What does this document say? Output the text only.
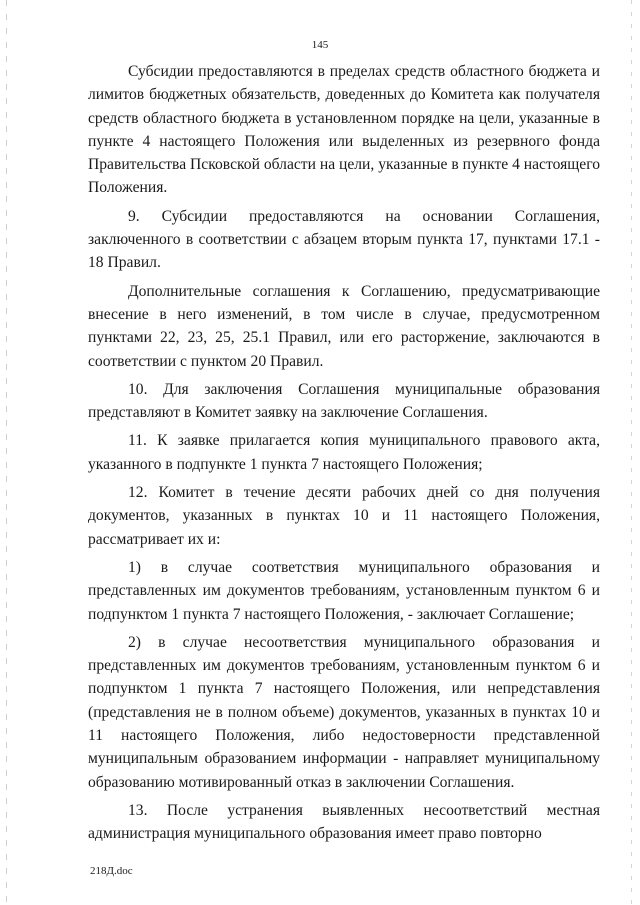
145

Субсидии предоставляются в пределах средств областного бюджета и лимитов бюджетных обязательств, доведенных до Комитета как получателя средств областного бюджета в установленном порядке на цели, указанные в пункте 4 настоящего Положения или выделенных из резервного фонда Правительства Псковской области на цели, указанные в пункте 4 настоящего Положения.

9. Субсидии предоставляются на основании Соглашения, заключенного в соответствии с абзацем вторым пункта 17, пунктами 17.1 - 18 Правил.

Дополнительные соглашения к Соглашению, предусматривающие внесение в него изменений, в том числе в случае, предусмотренном пунктами 22, 23, 25, 25.1 Правил, или его расторжение, заключаются в соответствии с пунктом 20 Правил.

10. Для заключения Соглашения муниципальные образования представляют в Комитет заявку на заключение Соглашения.

11. К заявке прилагается копия муниципального правового акта, указанного в подпункте 1 пункта 7 настоящего Положения;

12. Комитет в течение десяти рабочих дней со дня получения документов, указанных в пунктах 10 и 11 настоящего Положения, рассматривает их и:

1) в случае соответствия муниципального образования и представленных им документов требованиям, установленным пунктом 6 и подпунктом 1 пункта 7 настоящего Положения, - заключает Соглашение;

2) в случае несоответствия муниципального образования и представленных им документов требованиям, установленным пунктом 6 и подпунктом 1 пункта 7 настоящего Положения, или непредставления (представления не в полном объеме) документов, указанных в пунктах 10 и 11 настоящего Положения, либо недостоверности представленной муниципальным образованием информации - направляет муниципальному образованию мотивированный отказ в заключении Соглашения.

13. После устранения выявленных несоответствий местная администрация муниципального образования имеет право повторно

218Д.doc
